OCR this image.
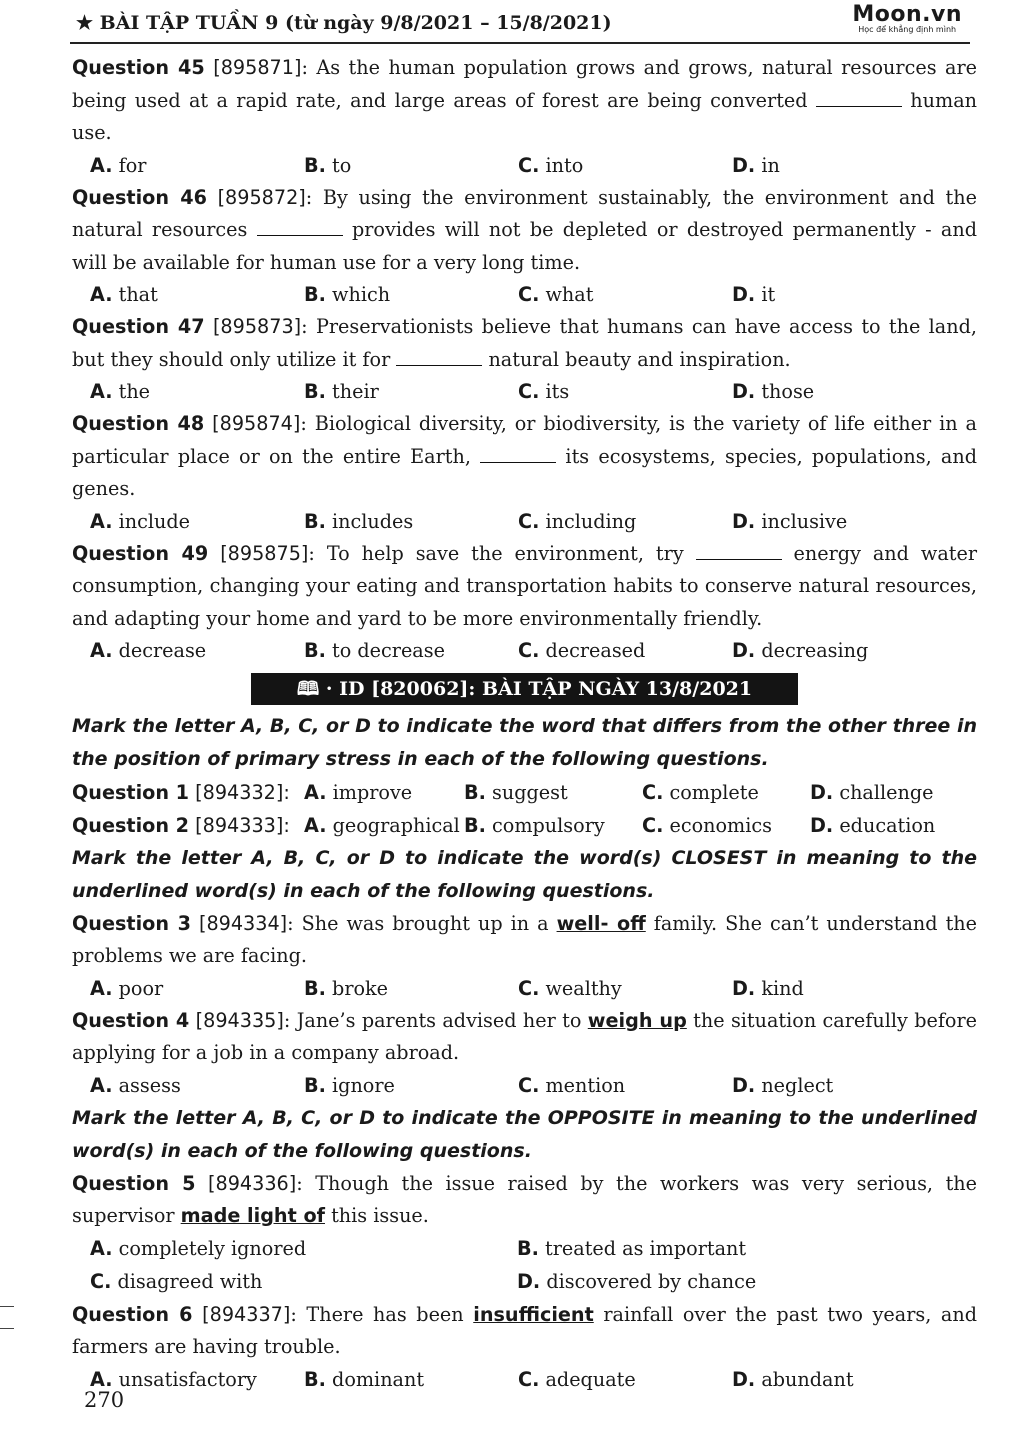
★ BÀI TẬP TUẦN 9 (từ ngày 9/8/2021 – 15/8/2021)	Moon.vn
Học để khẳng định mình
Question 45 [895871]: As the human population grows and grows, natural resources are being used at a rapid rate, and large areas of forest are being converted	human use.
A. for	B. to	C. into	D. in
Question 46 [895872]: By using the environment sustainably, the environment and the natural resources	provides will not be depleted or destroyed permanently - and will be available for human use for a very long time.
A. that	B. which	C. what	D. it
Question 47 [895873]: Preservationists believe that humans can have access to the land, but they should only utilize it for	natural beauty and inspiration.
A. the	B. their	C. its	D. those
Question 48 [895874]: Biological diversity, or biodiversity, is the variety of life either in a particular place or on the entire Earth,	its ecosystems, species, populations, and genes.
A. include	B. includes	C. including	D. inclusive
Question 49 [895875]: To help save the environment, try	energy and water consumption, changing your eating and transportation habits to conserve natural resources, and adapting your home and yard to be more environmentally friendly.
A. decrease	B. to decrease	C. decreased	D. decreasing
🕮 · ID [820062]: BÀI TẬP NGÀY 13/8/2021
Mark the letter A, B, C, or D to indicate the word that differs from the other three in the position of primary stress in each of the following questions.
Question 1 [894332]: A. improve	B. suggest	C. complete	D. challenge
Question 2 [894333]: A. geographical B. compulsory	C. economics	D. education
Mark the letter A, B, C, or D to indicate the word(s) CLOSEST in meaning to the underlined word(s) in each of the following questions.
Question 3 [894334]: She was brought up in a well- off family. She can’t understand the problems we are facing.
A. poor	B. broke	C. wealthy	D. kind
Question 4 [894335]: Jane’s parents advised her to weigh up the situation carefully before applying for a job in a company abroad.
A. assess	B. ignore	C. mention	D. neglect
Mark the letter A, B, C, or D to indicate the OPPOSITE in meaning to the underlined word(s) in each of the following questions.
Question 5 [894336]: Though the issue raised by the workers was very serious, the supervisor made light of this issue.
A. completely ignored	B. treated as important
C. disagreed with	D. discovered by chance
Question 6 [894337]: There has been insufficient rainfall over the past two years, and farmers are having trouble.
A. unsatisfactory	B. dominant	C. adequate	D. abundant
270
